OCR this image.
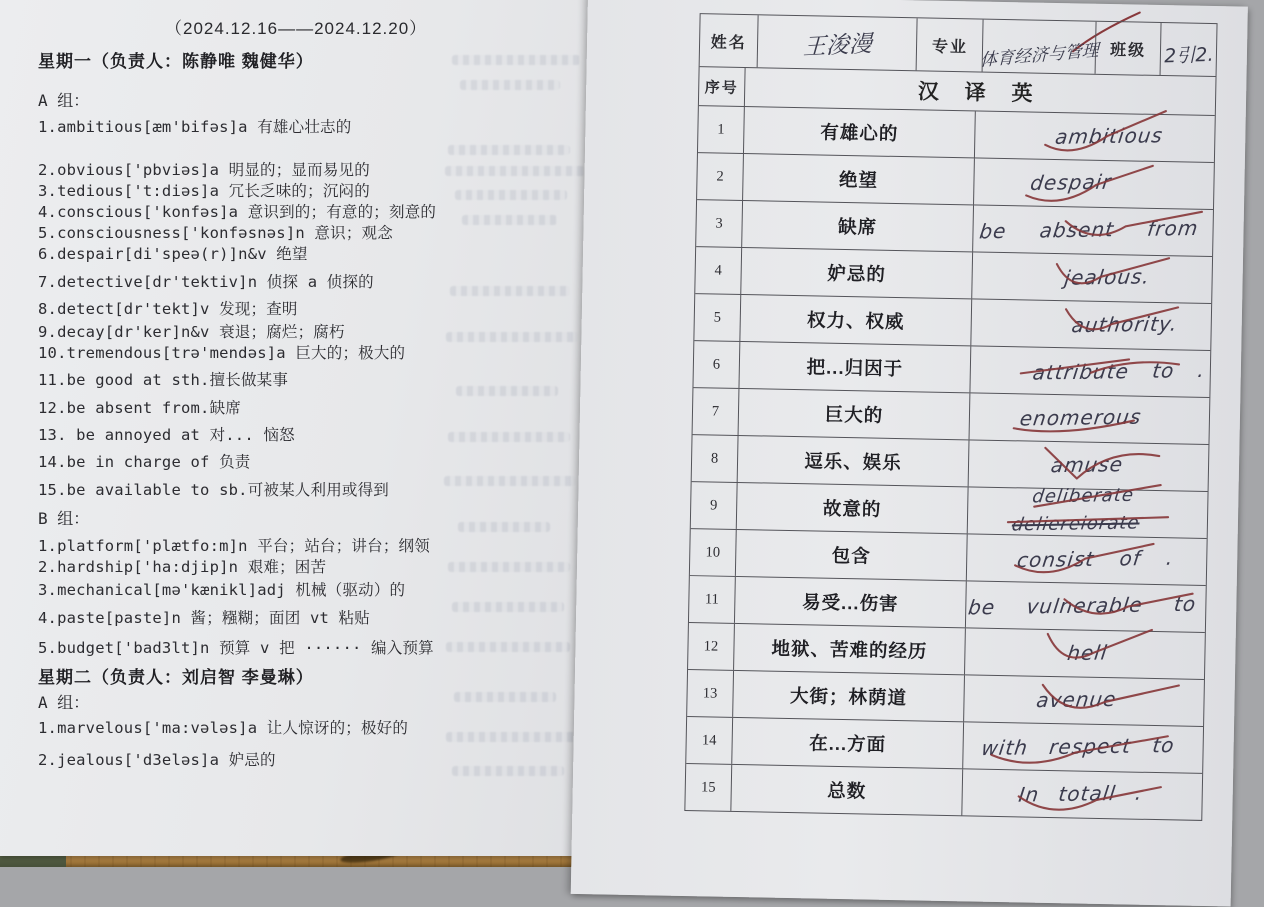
（2024.12.16——2024.12.20）
星期一（负责人：陈静唯 魏健华）
A 组：
1.ambitious[æm'bifəs]a 有雄心壮志的
2.obvious['pbviəs]a 明显的；显而易见的
3.tedious['t:diəs]a 冗长乏味的；沉闷的
4.conscious['konfəs]a 意识到的；有意的；刻意的
5.consciousness['konfəsnəs]n 意识；观念
6.despair[di'speə(r)]n&v 绝望
7.detective[dr'tektiv]n 侦探 a 侦探的
8.detect[dr'tekt]v 发现；查明
9.decay[dr'ker]n&v 衰退；腐烂；腐朽
10.tremendous[trə'mendəs]a 巨大的；极大的
11.be good at sth.擅长做某事
12.be absent from.缺席
13. be annoyed at 对... 恼怒
14.be in charge of 负责
15.be available to sb.可被某人利用或得到
B 组：
1.platform['plætfo:m]n 平台；站台；讲台；纲领
2.hardship['ha:djip]n 艰难；困苦
3.mechanical[mə'kænikl]adj 机械（驱动）的
4.paste[paste]n 酱；糨糊；面团 vt 粘贴
5.budget['bad3lt]n 预算 v 把 ······ 编入预算
星期二（负责人：刘启智 李曼琳）
A 组：
1.marvelous['ma:vələs]a 让人惊讶的；极好的
2.jealous['d3eləs]a 妒忌的
姓名 王浚漫	专业 体育经济与管理 班级 2引2.
序号	汉 译 英
1	有雄心的	ambitious
2	绝望	despair
3	缺席	be absent from
4	妒忌的	jealous.
5	权力、权威	authority.
6	把...归因于	attribute to .
7	巨大的	enomerous
8	逗乐、娱乐	amuse
9	故意的
deliberate
deliereiorate
10	包含	consist of .
11	易受...伤害	be vulnerable to
12	地狱、苦难的经历	hell
13	大街；林荫道	avenue
14	在...方面	with respect to
15	总数	In totall .
